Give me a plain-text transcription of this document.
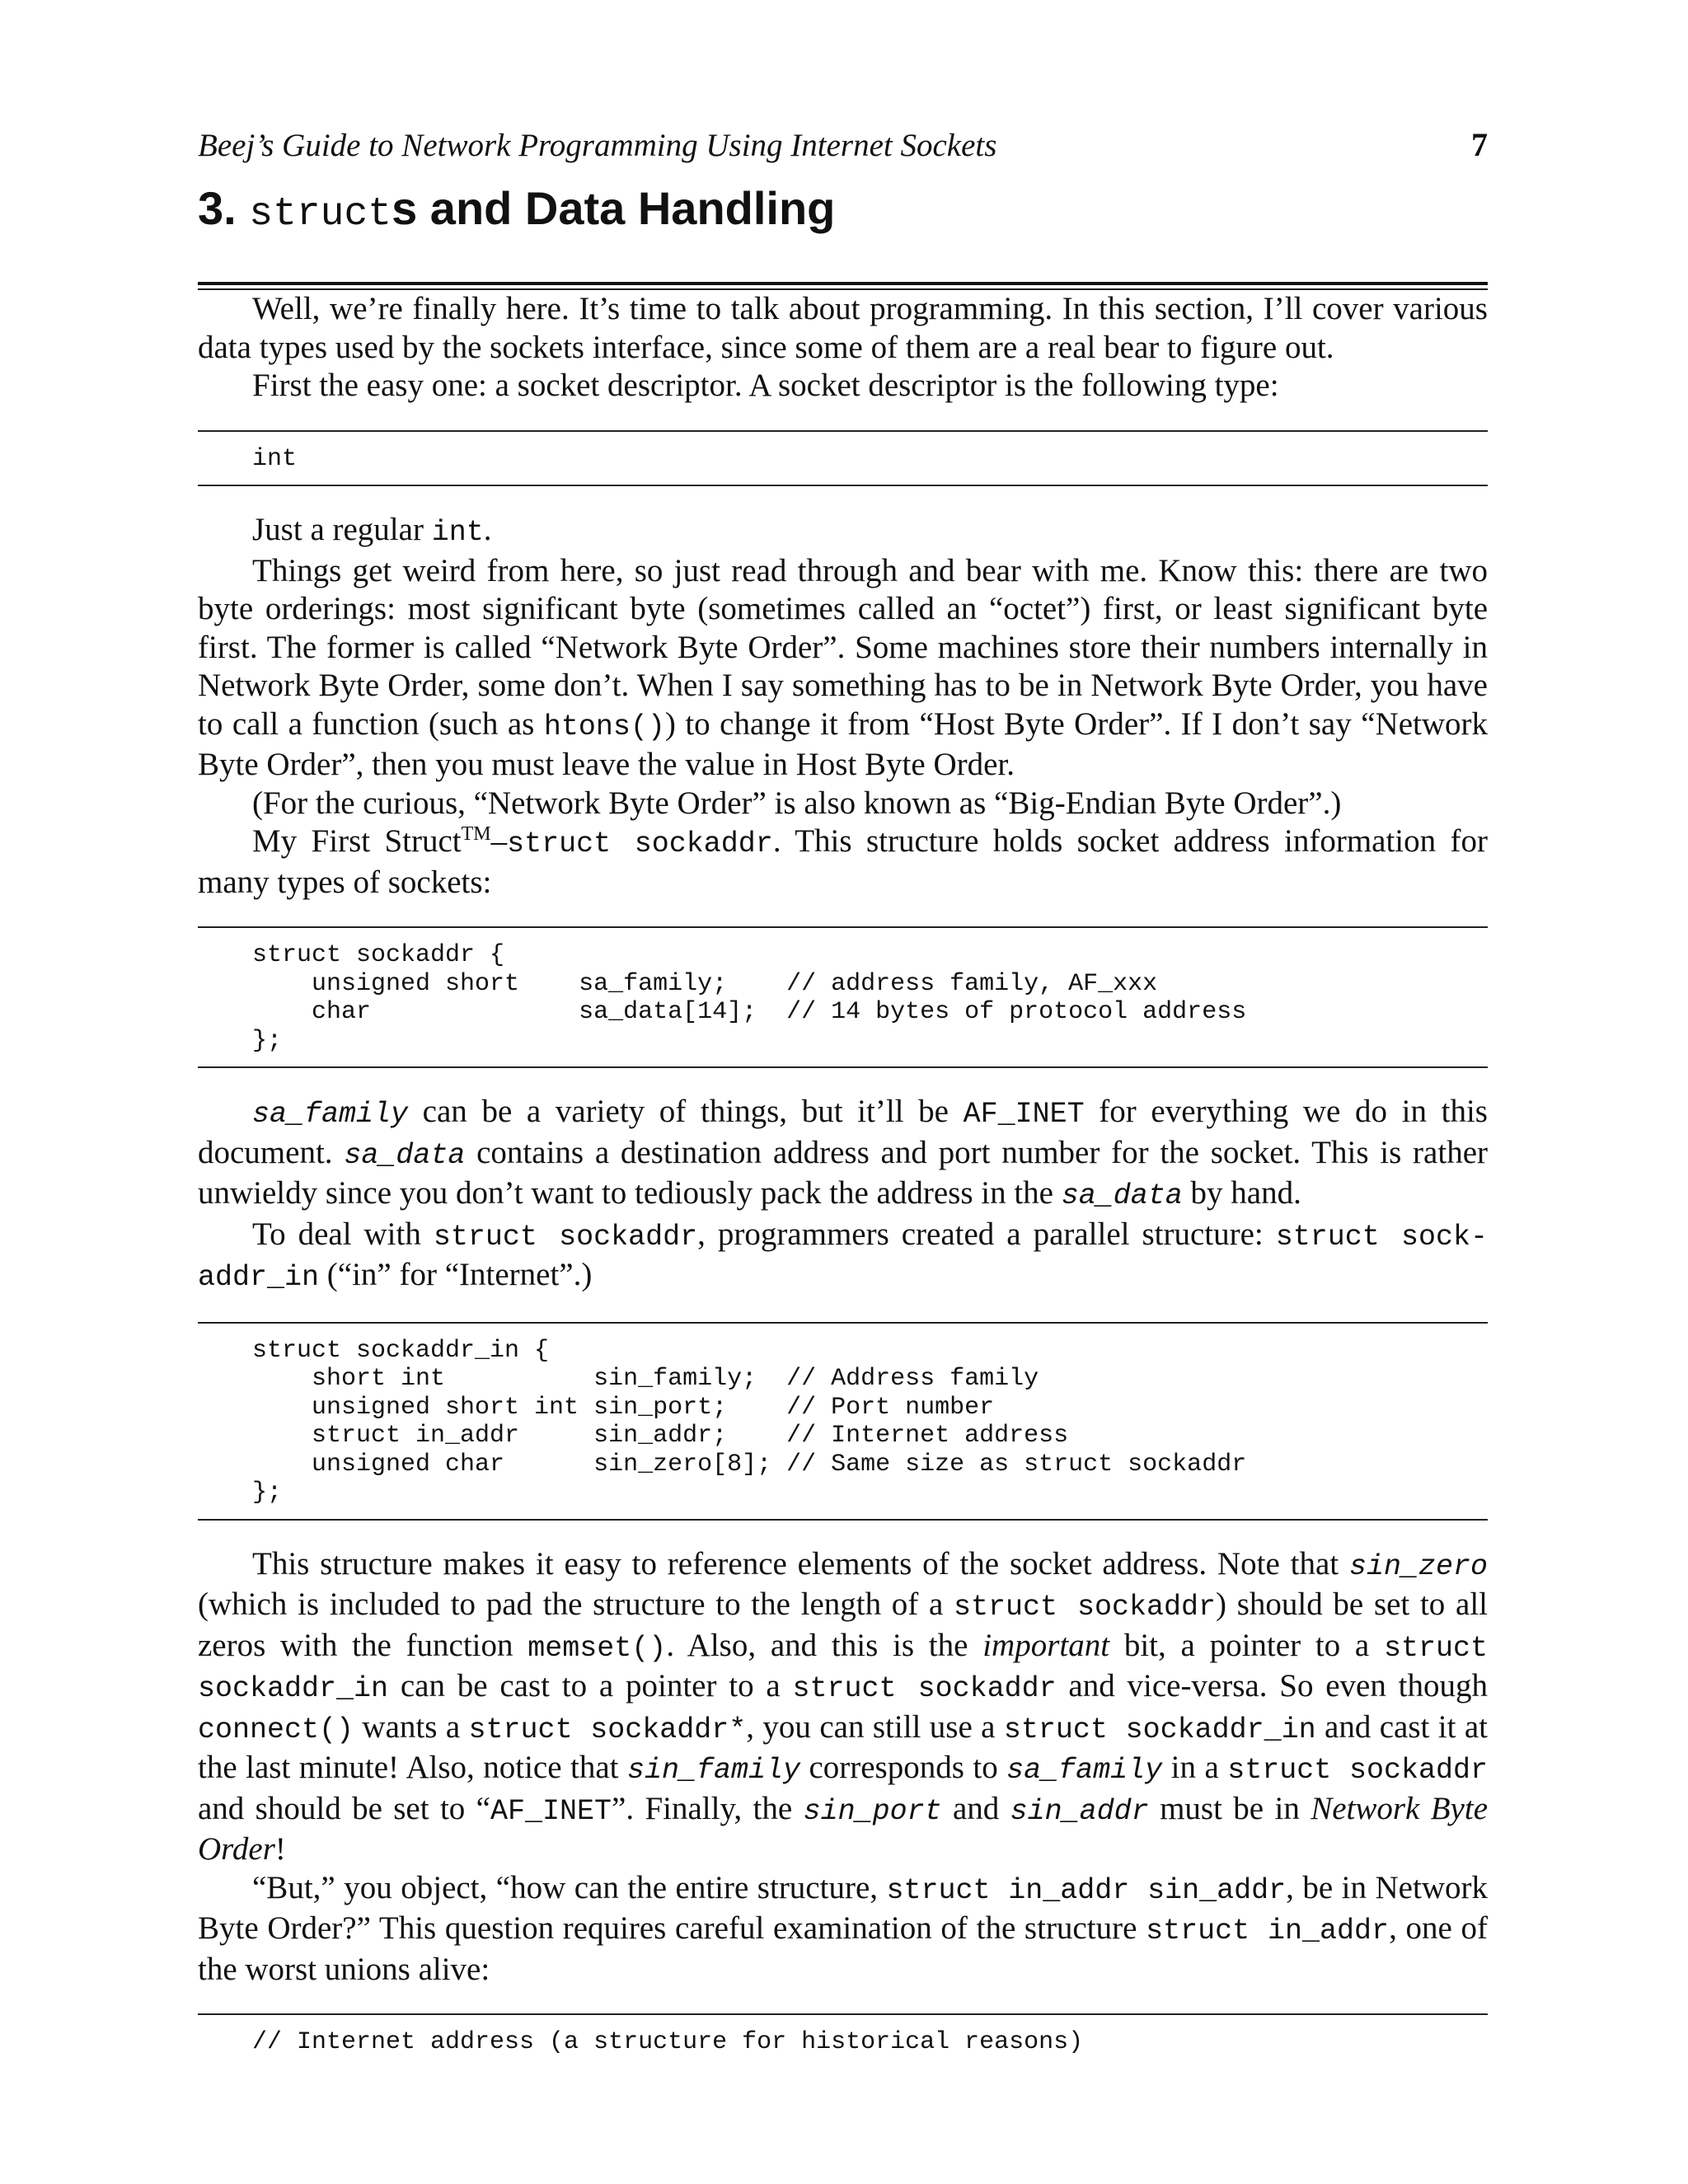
Beej’s Guide to Network Programming Using Internet Sockets	7
3. structs and Data Handling

Well, we’re finally here. It’s time to talk about programming. In this section, I’ll cover various data types used by the sockets interface, since some of them are a real bear to figure out.

First the easy one: a socket descriptor. A socket descriptor is the following type:

int

Just a regular int.

Things get weird from here, so just read through and bear with me. Know this: there are two byte orderings: most significant byte (sometimes called an “octet”) first, or least significant byte first. The former is called “Network Byte Order”. Some machines store their numbers internally in Network Byte Order, some don’t. When I say something has to be in Network Byte Order, you have to call a function (such as htons()) to change it from “Host Byte Order”. If I don’t say “Network Byte Order”, then you must leave the value in Host Byte Order.

(For the curious, “Network Byte Order” is also known as “Big-Endian Byte Order”.)

My First Struct™–struct sockaddr. This structure holds socket address information for many types of sockets:

struct sockaddr {
unsigned short    sa_family;    // address family, AF_xxx
char              sa_data[14];  // 14 bytes of protocol address
};

sa_family can be a variety of things, but it’ll be AF_INET for everything we do in this document. sa_data contains a destination address and port number for the socket. This is rather unwieldy since you don’t want to tediously pack the address in the sa_data by hand.

To deal with struct sockaddr, programmers created a parallel structure: struct sock-addr_in (“in” for “Internet”.)

struct sockaddr_in {
short int          sin_family;  // Address family
unsigned short int sin_port;    // Port number
struct in_addr     sin_addr;    // Internet address
unsigned char      sin_zero[8]; // Same size as struct sockaddr
};

This structure makes it easy to reference elements of the socket address. Note that sin_zero (which is included to pad the structure to the length of a struct sockaddr) should be set to all zeros with the function memset(). Also, and this is the important bit, a pointer to a struct sockaddr_in can be cast to a pointer to a struct sockaddr and vice-versa. So even though connect() wants a struct sockaddr*, you can still use a struct sockaddr_in and cast it at the last minute! Also, notice that sin_family corresponds to sa_family in a struct sockaddr and should be set to “AF_INET”. Finally, the sin_port and sin_addr must be in Network Byte Order!

“But,” you object, “how can the entire structure, struct in_addr sin_addr, be in Network Byte Order?” This question requires careful examination of the structure struct in_addr, one of the worst unions alive:

// Internet address (a structure for historical reasons)
